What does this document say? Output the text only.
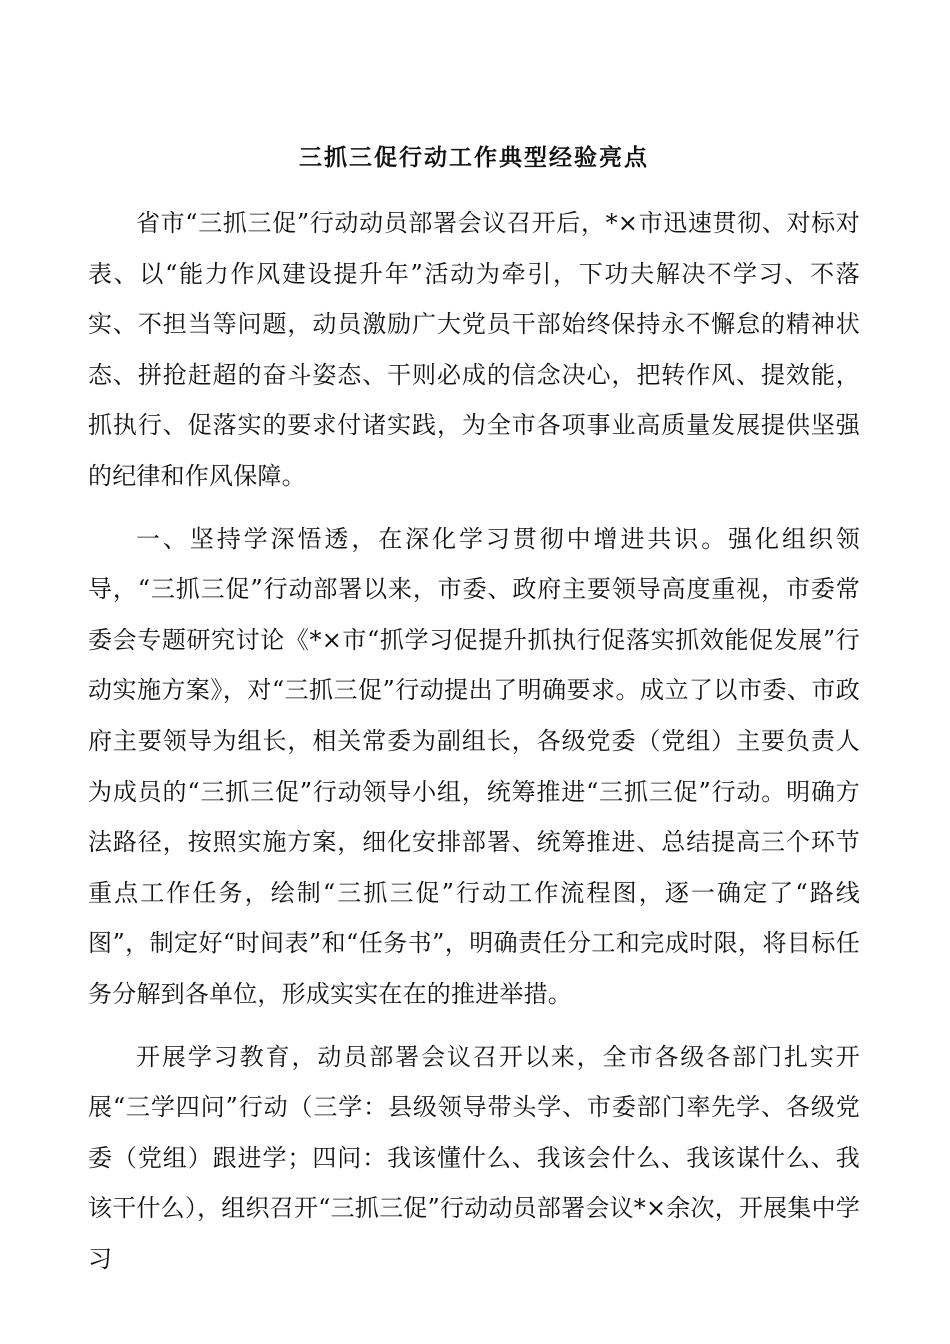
三抓三促行动工作典型经验亮点

省市“三抓三促”行动动员部署会议召开后，*×市迅速贯彻、对标对表、以“能力作风建设提升年”活动为牵引，下功夫解决不学习、不落实、不担当等问题，动员激励广大党员干部始终保持永不懈怠的精神状态、拼抢赶超的奋斗姿态、干则必成的信念决心，把转作风、提效能，抓执行、促落实的要求付诸实践，为全市各项事业高质量发展提供坚强的纪律和作风保障。

一、坚持学深悟透，在深化学习贯彻中增进共识。强化组织领导，“三抓三促”行动部署以来，市委、政府主要领导高度重视，市委常委会专题研究讨论《*×市“抓学习促提升抓执行促落实抓效能促发展”行动实施方案》，对“三抓三促”行动提出了明确要求。成立了以市委、市政府主要领导为组长，相关常委为副组长，各级党委（党组）主要负责人为成员的“三抓三促”行动领导小组，统筹推进“三抓三促”行动。明确方法路径，按照实施方案，细化安排部署、统筹推进、总结提高三个环节重点工作任务，绘制“三抓三促”行动工作流程图，逐一确定了“路线图”，制定好“时间表”和“任务书”，明确责任分工和完成时限，将目标任务分解到各单位，形成实实在在的推进举措。

开展学习教育，动员部署会议召开以来，全市各级各部门扎实开展“三学四问”行动（三学：县级领导带头学、市委部门率先学、各级党委（党组）跟进学；四问：我该懂什么、我该会什么、我该谋什么、我该干什么），组织召开“三抓三促”行动动员部署会议*×余次，开展集中学习
